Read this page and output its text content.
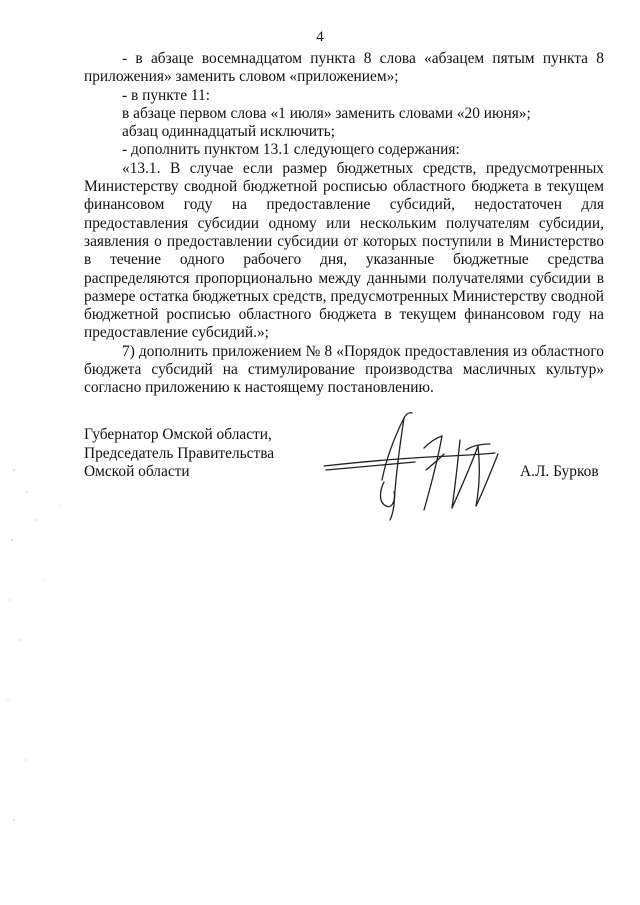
4

- в абзаце восемнадцатом пункта 8 слова «абзацем пятым пункта 8 приложения» заменить словом «приложением»;

- в пункте 11:

в абзаце первом слова «1 июля» заменить словами «20 июня»;

абзац одиннадцатый исключить;

- дополнить пунктом 13.1 следующего содержания:

«13.1. В случае если размер бюджетных средств, предусмотренных Министерству сводной бюджетной росписью областного бюджета в текущем финансовом году на предоставление субсидий, недостаточен для предоставления субсидии одному или нескольким получателям субсидии, заявления о предоставлении субсидии от которых поступили в Министерство в течение одного рабочего дня, указанные бюджетные средства распределяются пропорционально между данными получателями субсидии в размере остатка бюджетных средств, предусмотренных Министерству сводной бюджетной росписью областного бюджета в текущем финансовом году на предоставление субсидий.»;

7) дополнить приложением № 8 «Порядок предоставления из областного бюджета субсидий на стимулирование производства масличных культур» согласно приложению к настоящему постановлению.

Губернатор Омской области,
Председатель Правительства
Омской области	А.Л. Бурков
